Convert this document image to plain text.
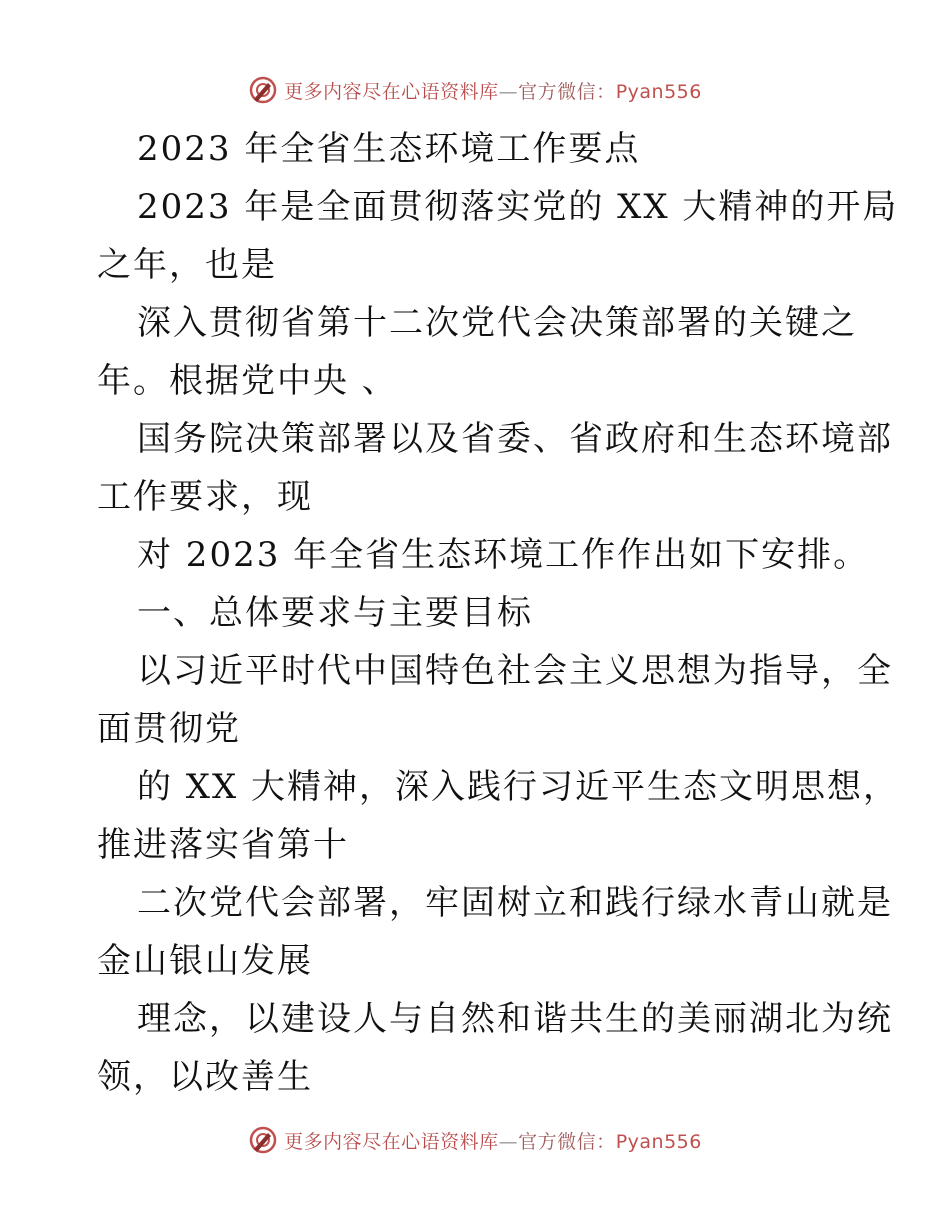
更多内容尽在心语资料库—官方微信：Pyan556
2023 年全省生态环境工作要点
2023 年是全面贯彻落实党的 XX 大精神的开局
之年，也是
深入贯彻省第十二次党代会决策部署的关键之
年。根据党中央 、
国务院决策部署以及省委、省政府和生态环境部
工作要求，现
对 2023 年全省生态环境工作作出如下安排。
一、总体要求与主要目标
以习近平时代中国特色社会主义思想为指导，全
面贯彻党
的 XX 大精神，深入践行习近平生态文明思想，
推进落实省第十
二次党代会部署，牢固树立和践行绿水青山就是
金山银山发展
理念，以建设人与自然和谐共生的美丽湖北为统
领，以改善生
更多内容尽在心语资料库—官方微信：Pyan556
